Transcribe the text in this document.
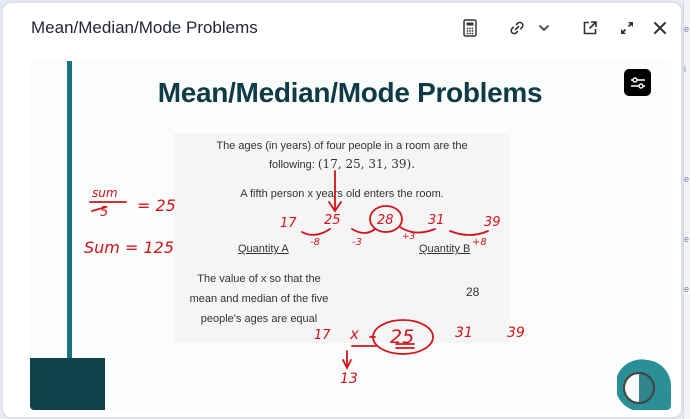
e
i
e
e
e
Mean/Median/Mode Problems
Mean/Median/Mode Problems
The ages (in years) of four people in a room are the
following: (17, 25, 31, 39).
A fifth person x years old enters the room.
Quantity A	Quantity B
The value of x so that the
mean and median of the five
people's ages are equal
28
sum
5 = 25
Sum = 125
17 25	28	31	39
-8	-3	+3	+8
17 x 25	31 39
13
